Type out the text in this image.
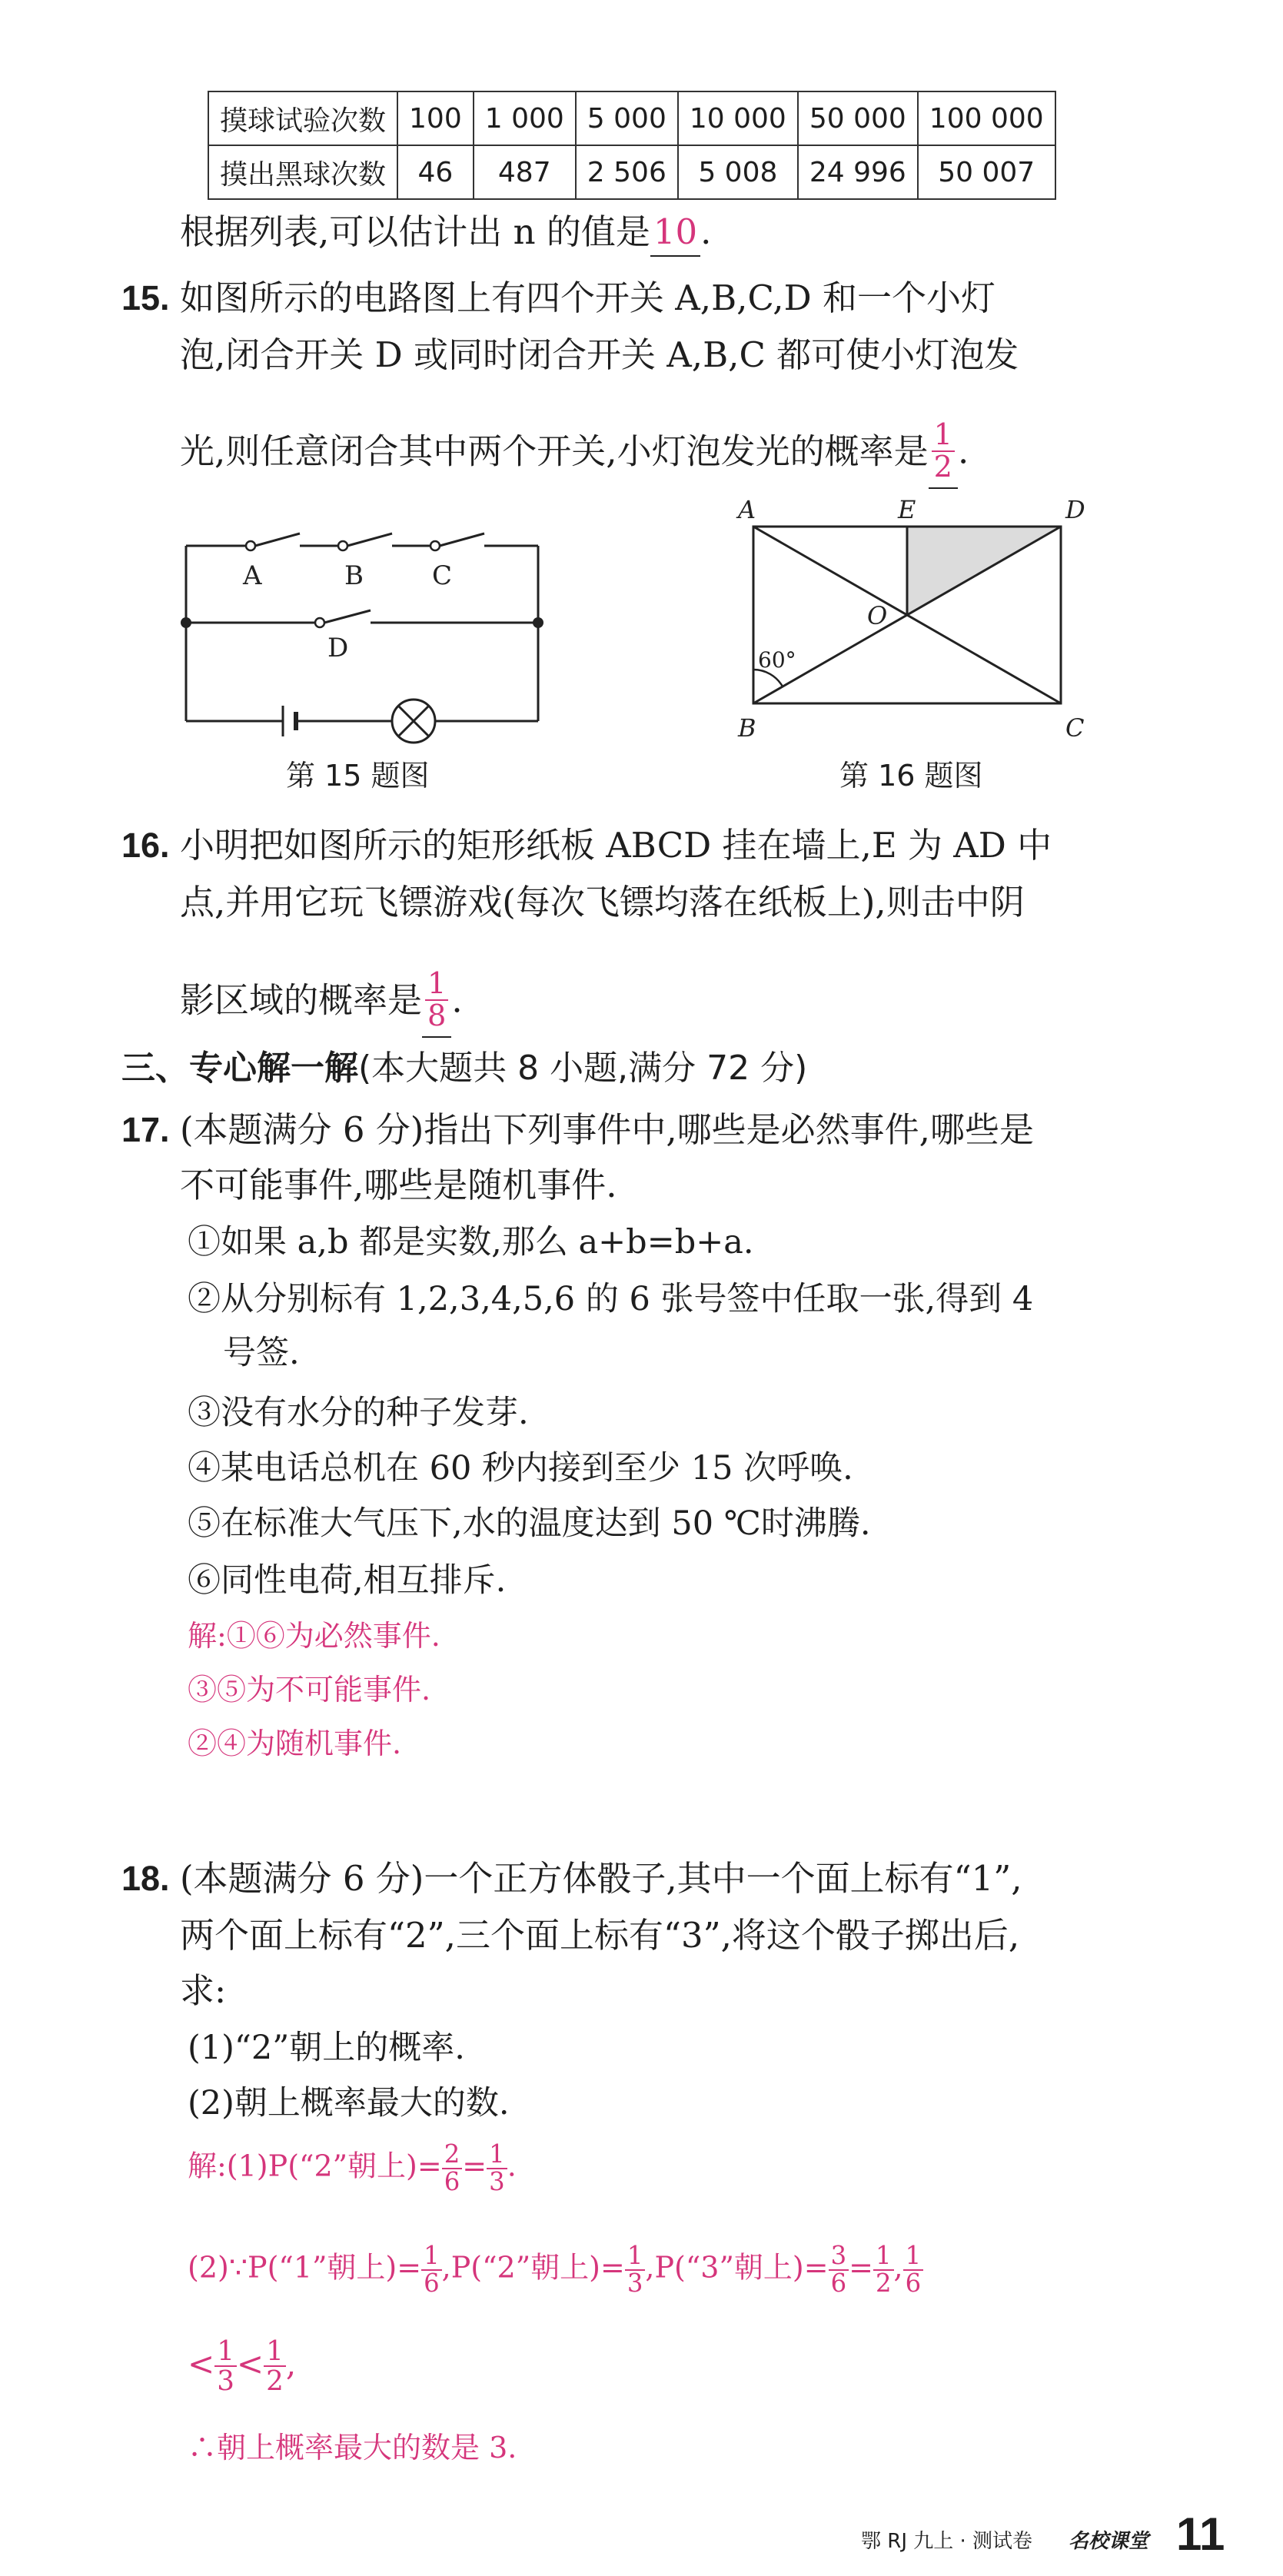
摸球试验次数	100	1 000	5 000	10 000	50 000	100 000
摸出黑球次数	46	487	2 506	5 008	24 996	50 007
根据列表,可以估计出 n 的值是10.
15. 如图所示的电路图上有四个开关 A,B,C,D 和一个小灯
泡,闭合开关 D 或同时闭合开关 A,B,C 都可使小灯泡发
光,则任意闭合其中两个开关,小灯泡发光的概率是 $\frac{1}{2}$ .
A	B	C
D
第 15 题图
A	E	D
O
B	C
60°
第 16 题图
16. 小明把如图所示的矩形纸板 ABCD 挂在墙上,E 为 AD 中
点,并用它玩飞镖游戏(每次飞镖均落在纸板上),则击中阴
影区域的概率是 $\frac{1}{8}$ .
三、专心解一解(本大题共 8 小题,满分 72 分)
17. (本题满分 6 分)指出下列事件中,哪些是必然事件,哪些是
不可能事件,哪些是随机事件.
①如果 a,b 都是实数,那么 a+b=b+a.
②从分别标有 1,2,3,4,5,6 的 6 张号签中任取一张,得到 4
号签.
③没有水分的种子发芽.
④某电话总机在 60 秒内接到至少 15 次呼唤.
⑤在标准大气压下,水的温度达到 50 ℃时沸腾.
⑥同性电荷,相互排斥.
解:①⑥为必然事件.
③⑤为不可能事件.
②④为随机事件.
18. (本题满分 6 分)一个正方体骰子,其中一个面上标有“1”,
两个面上标有“2”,三个面上标有“3”,将这个骰子掷出后,
求:
(1)“2”朝上的概率.
(2)朝上概率最大的数.
解:(1)P(“2”朝上)= $\frac{2}{6} = \frac{1}{3}$ .
(2)∵P(“1”朝上)= $\frac{1}{6}$ ,P(“2”朝上)= $\frac{1}{3}$ ,P(“3”朝上)= $\frac{3}{6} = \frac{1}{2}$ , $\frac{1}{6}$
< $\frac{1}{3} < \frac{1}{2}$ ,
∴朝上概率最大的数是 3.
鄂 RJ 九上 · 测试卷 名校课堂 11
